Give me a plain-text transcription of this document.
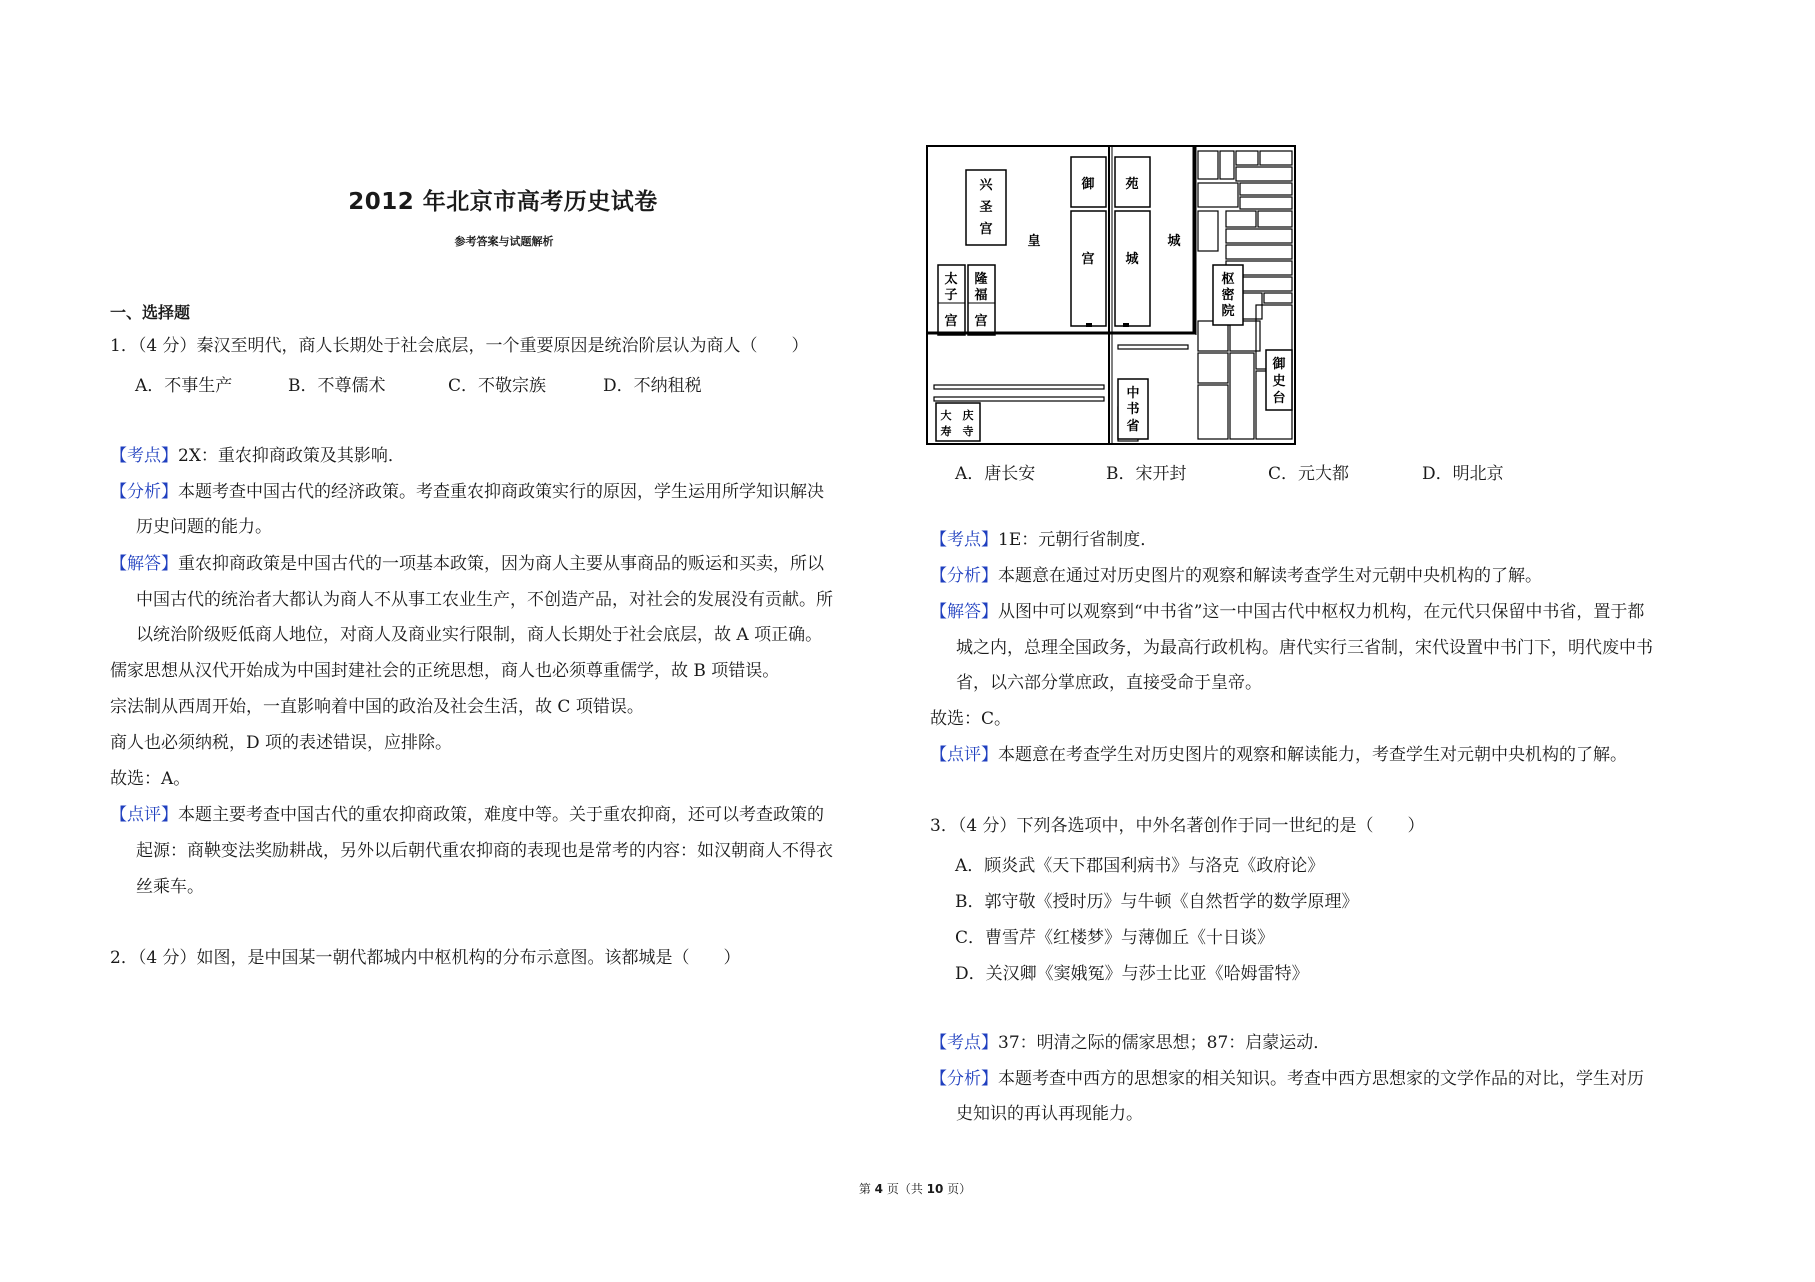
2012 年北京市高考历史试卷
参考答案与试题解析
一、选择题
1．（4 分）秦汉至明代，商人长期处于社会底层，一个重要原因是统治阶层认为商人（　　）
A．不事生产	B．不尊儒术	C．不敬宗族	D．不纳租税
【考点】2X：重农抑商政策及其影响．
【分析】本题考查中国古代的经济政策。考查重农抑商政策实行的原因，学生运用所学知识解决
历史问题的能力。
【解答】重农抑商政策是中国古代的一项基本政策，因为商人主要从事商品的贩运和买卖，所以
中国古代的统治者大都认为商人不从事工农业生产，不创造产品，对社会的发展没有贡献。所
以统治阶级贬低商人地位，对商人及商业实行限制，商人长期处于社会底层，故 A 项正确。
儒家思想从汉代开始成为中国封建社会的正统思想，商人也必须尊重儒学，故 B 项错误。
宗法制从西周开始，一直影响着中国的政治及社会生活，故 C 项错误。
商人也必须纳税，D 项的表述错误，应排除。
故选：A。
【点评】本题主要考查中国古代的重农抑商政策，难度中等。关于重农抑商，还可以考查政策的
起源：商鞅变法奖励耕战，另外以后朝代重农抑商的表现也是常考的内容：如汉朝商人不得衣
丝乘车。
2．（4 分）如图，是中国某一朝代都城内中枢机构的分布示意图。该都城是（　　）
兴
圣
宫
御 苑
宫 城
皇	城
太
子
隆
福
宫 宫
枢
密
院
中
书
省
御
史
台
大
寿
庆
寺
A．唐长安	B．宋开封	C．元大都	D．明北京
【考点】1E：元朝行省制度．
【分析】本题意在通过对历史图片的观察和解读考查学生对元朝中央机构的了解。
【解答】从图中可以观察到“中书省”这一中国古代中枢权力机构，在元代只保留中书省，置于都
城之内，总理全国政务，为最高行政机构。唐代实行三省制，宋代设置中书门下，明代废中书
省，以六部分掌庶政，直接受命于皇帝。
故选：C。
【点评】本题意在考查学生对历史图片的观察和解读能力，考查学生对元朝中央机构的了解。
3．（4 分）下列各选项中，中外名著创作于同一世纪的是（　　）
A．顾炎武《天下郡国利病书》与洛克《政府论》
B．郭守敬《授时历》与牛顿《自然哲学的数学原理》
C．曹雪芹《红楼梦》与薄伽丘《十日谈》
D．关汉卿《窦娥冤》与莎士比亚《哈姆雷特》
【考点】37：明清之际的儒家思想；87：启蒙运动．
【分析】本题考查中西方的思想家的相关知识。考查中西方思想家的文学作品的对比，学生对历
史知识的再认再现能力。
第 4 页（共 10 页）
